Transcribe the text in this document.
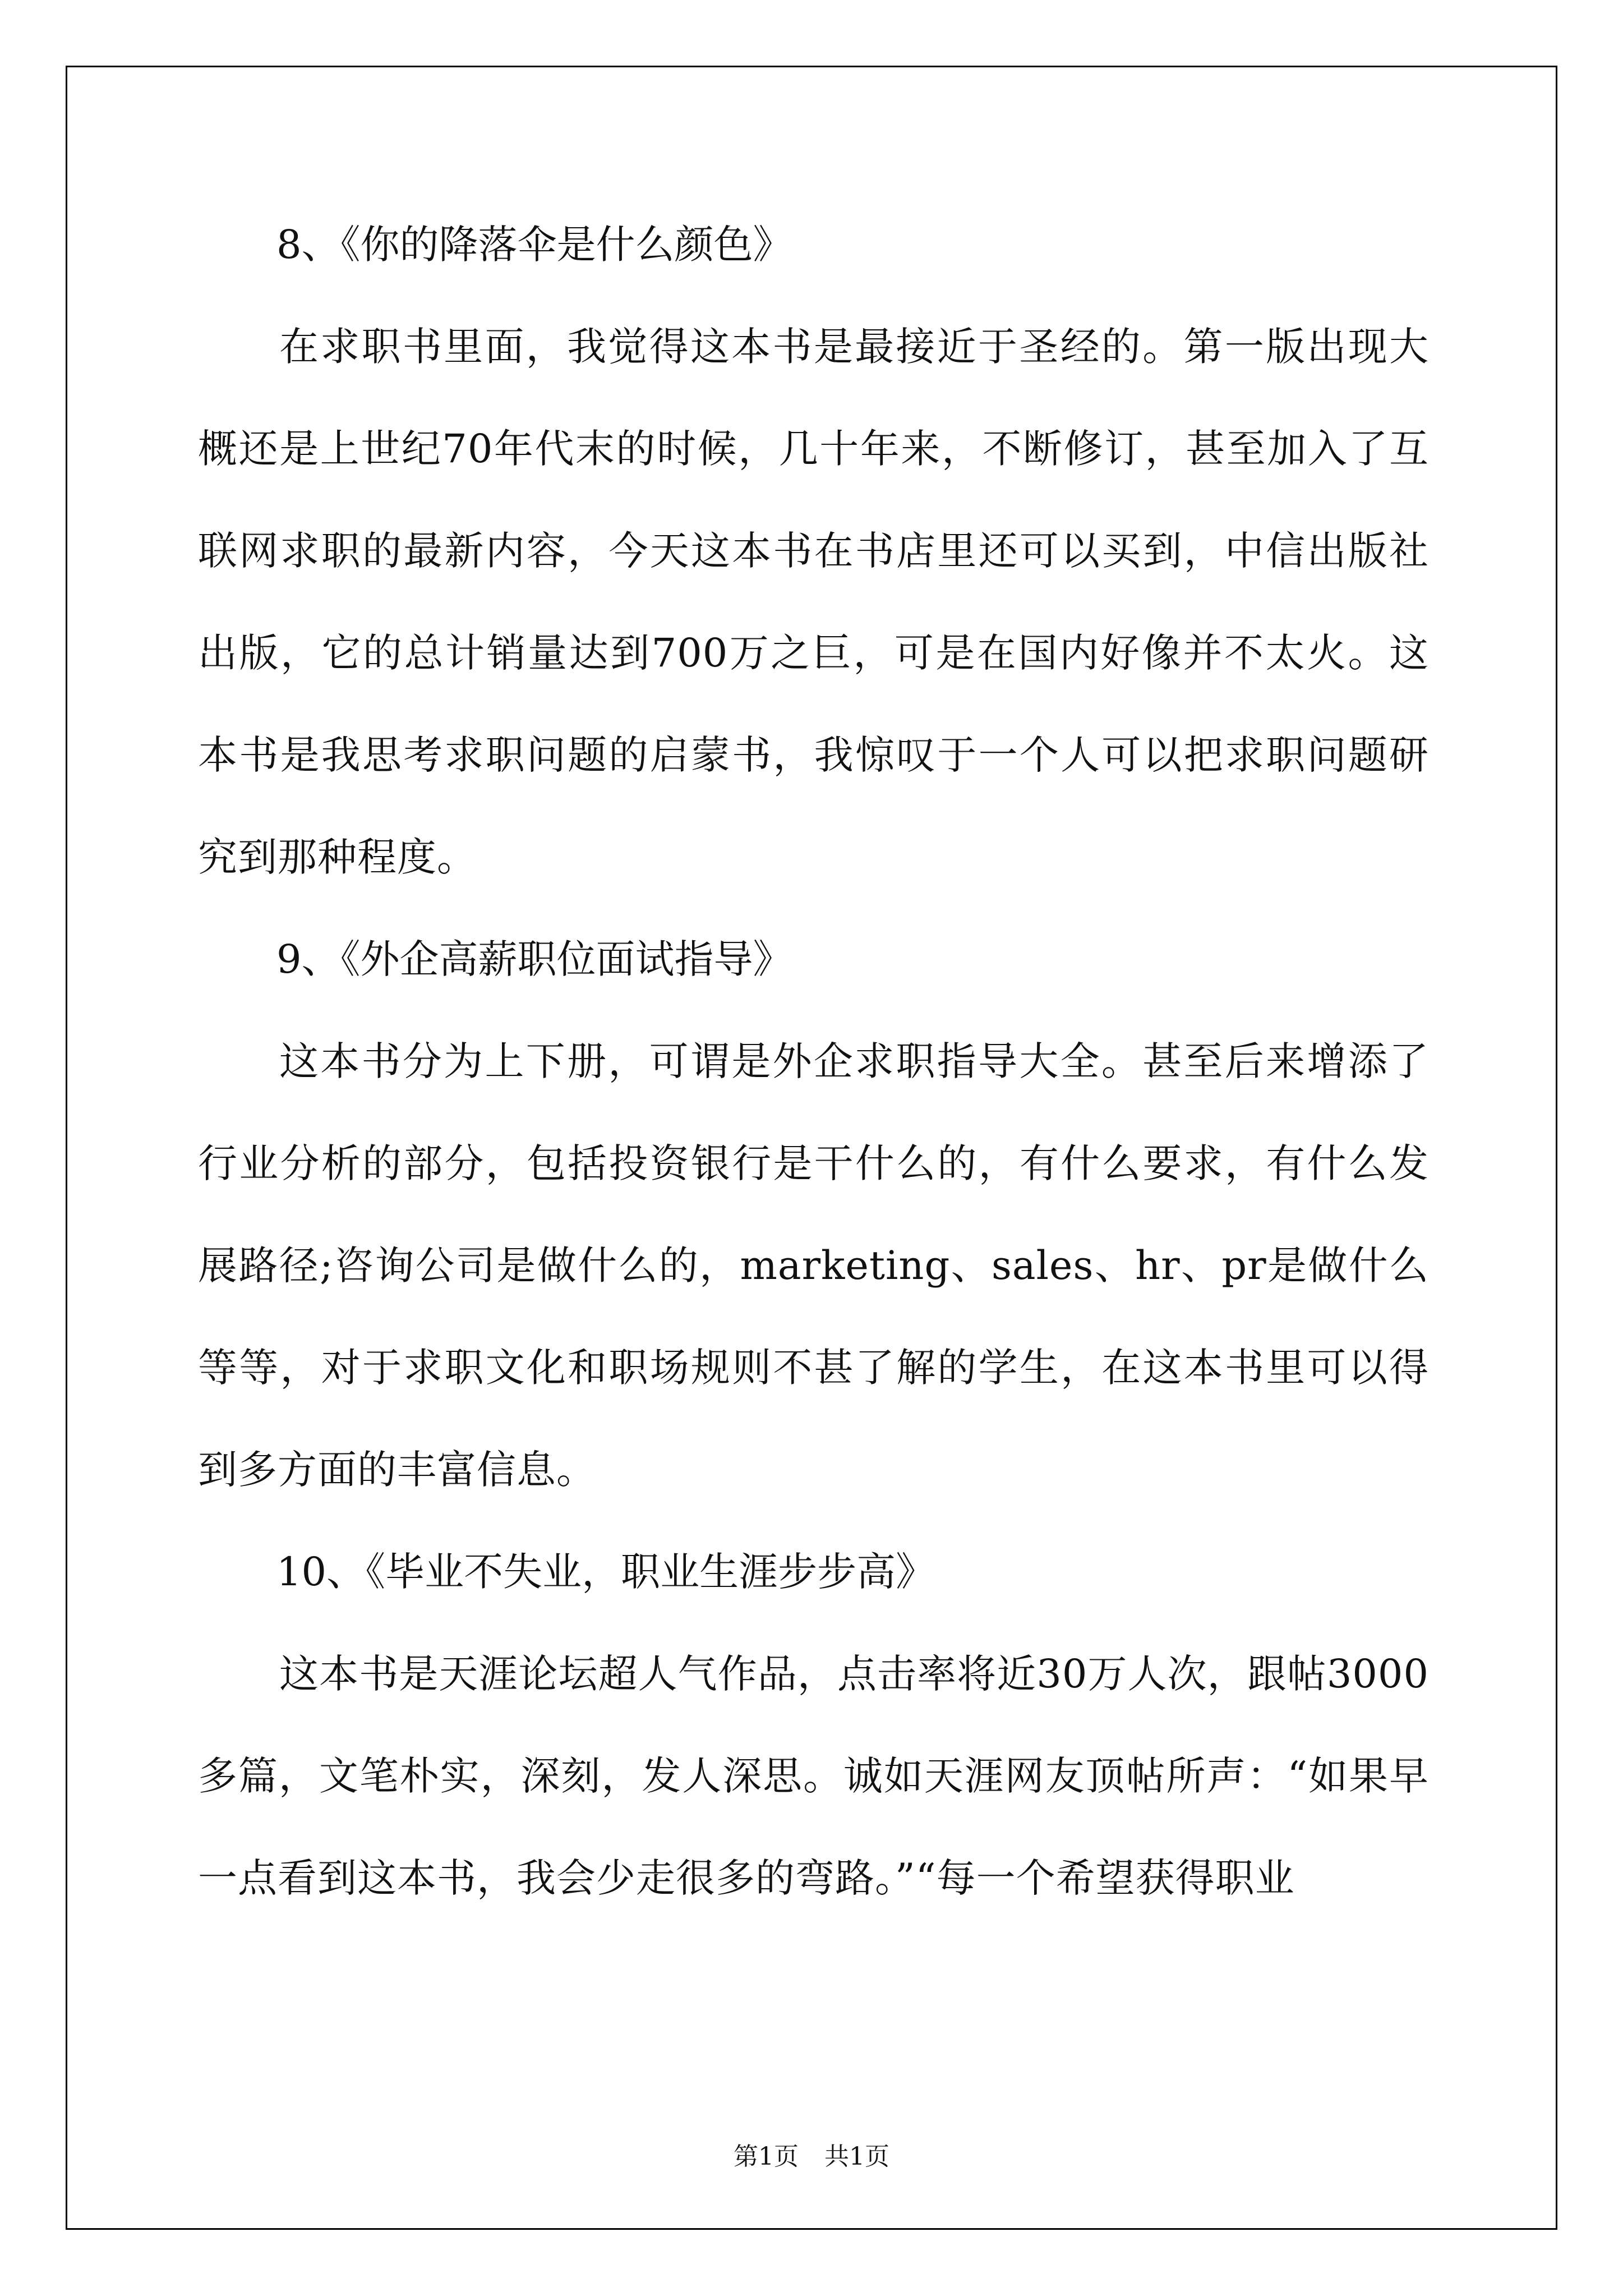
8、《你的降落伞是什么颜色》

在求职书里面，我觉得这本书是最接近于圣经的。第一版出现大概还是上世纪70年代末的时候，几十年来，不断修订，甚至加入了互联网求职的最新内容，今天这本书在书店里还可以买到，中信出版社出版，它的总计销量达到700万之巨，可是在国内好像并不太火。这本书是我思考求职问题的启蒙书，我惊叹于一个人可以把求职问题研究到那种程度。

9、《外企高薪职位面试指导》

这本书分为上下册，可谓是外企求职指导大全。甚至后来增添了行业分析的部分，包括投资银行是干什么的，有什么要求，有什么发展路径;咨询公司是做什么的，marketing、sales、hr、pr是做什么等等，对于求职文化和职场规则不甚了解的学生，在这本书里可以得到多方面的丰富信息。

10、《毕业不失业，职业生涯步步高》

这本书是天涯论坛超人气作品，点击率将近30万人次，跟帖3000多篇，文笔朴实，深刻，发人深思。诚如天涯网友顶帖所声：“如果早一点看到这本书，我会少走很多的弯路。”“每一个希望获得职业

第1页 共1页
